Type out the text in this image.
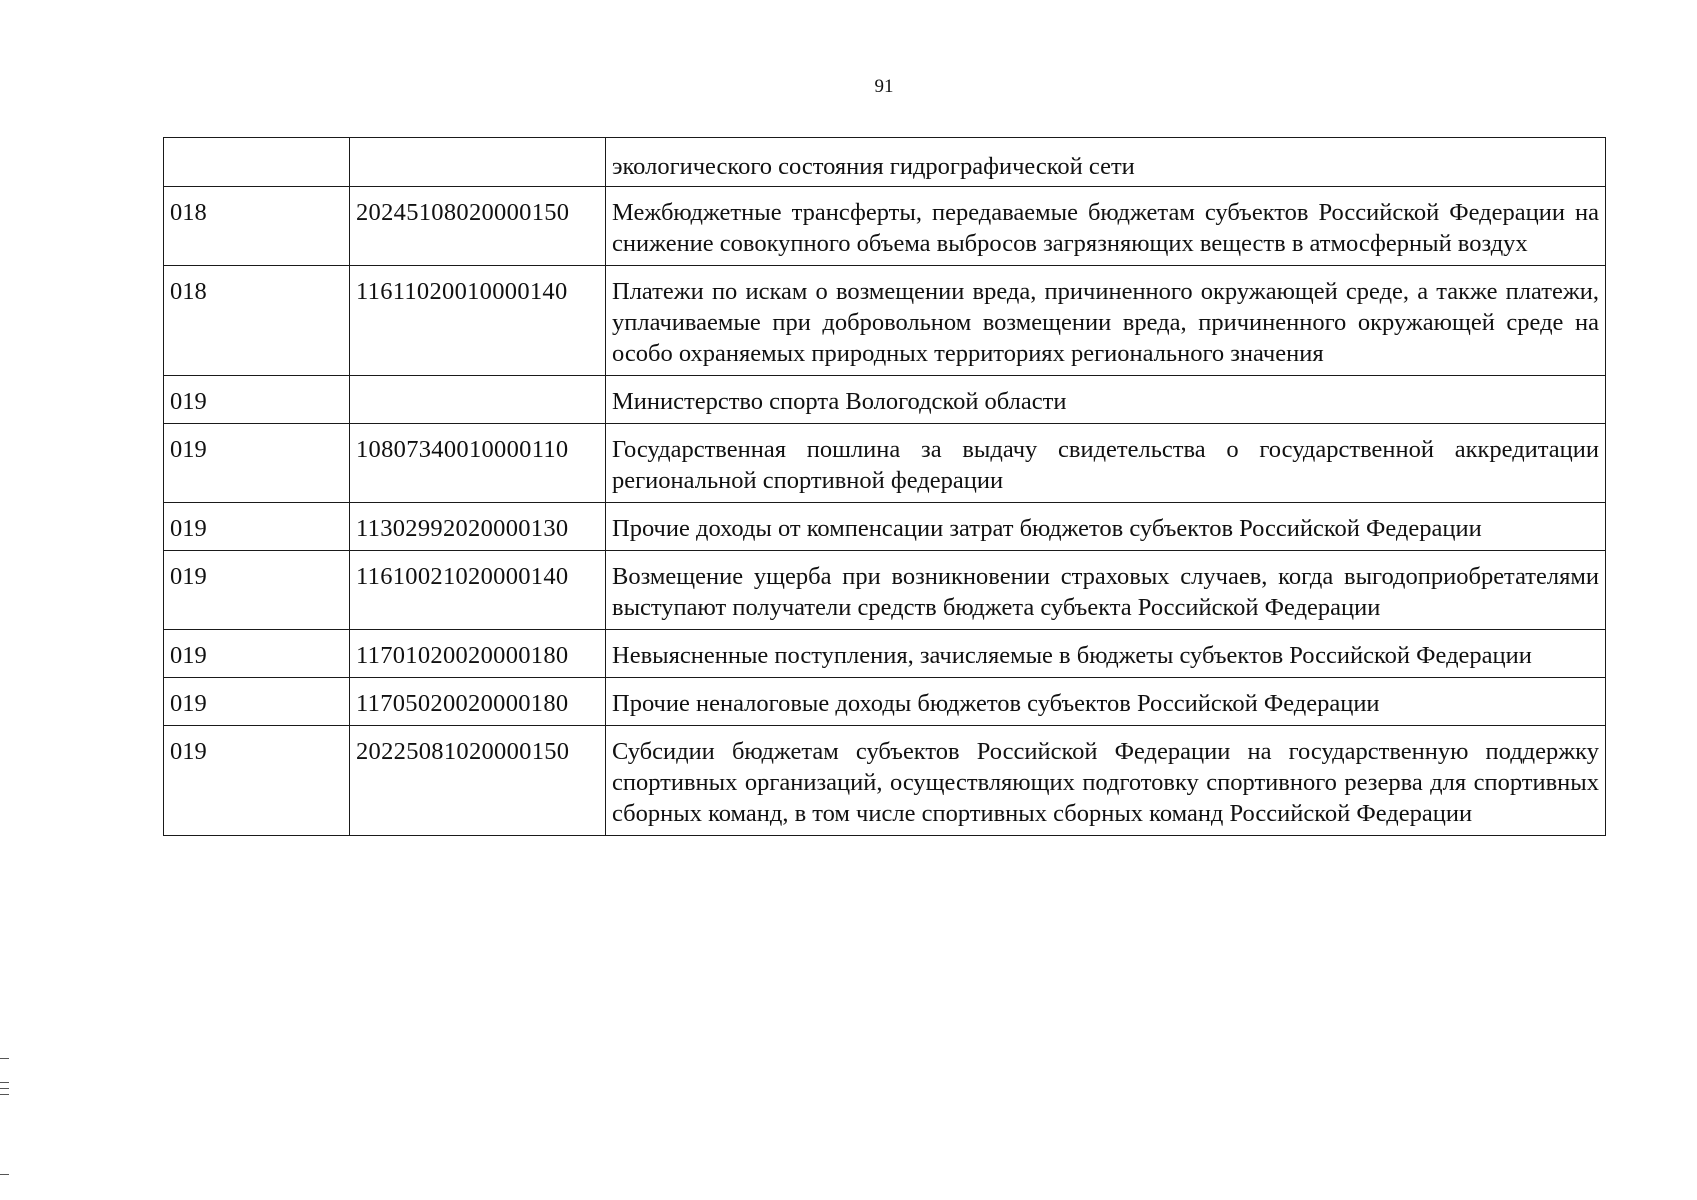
91
		экологического состояния гидрографической сети
018	20245108020000150	Межбюджетные трансферты, передаваемые бюджетам субъектов Российской Федерации на снижение совокупного объема выбросов загрязняющих веществ в атмосферный воздух
018	11611020010000140	Платежи по искам о возмещении вреда, причиненного окружающей среде, а также платежи, уплачиваемые при добровольном возмещении вреда, причиненного окружающей среде на особо охраняемых природных территориях регионального значения
019		Министерство спорта Вологодской области
019	10807340010000110	Государственная пошлина за выдачу свидетельства о государственной аккредитации региональной спортивной федерации
019	11302992020000130	Прочие доходы от компенсации затрат бюджетов субъектов Российской Федерации
019	11610021020000140	Возмещение ущерба при возникновении страховых случаев, когда выгодоприобретателями выступают получатели средств бюджета субъекта Российской Федерации
019	11701020020000180	Невыясненные поступления, зачисляемые в бюджеты субъектов Российской Федерации
019	11705020020000180	Прочие неналоговые доходы бюджетов субъектов Российской Федерации
019	20225081020000150	Субсидии бюджетам субъектов Российской Федерации на государственную поддержку спортивных организаций, осуществляющих подготовку спортивного резерва для спортивных сборных команд, в том числе спортивных сборных команд Российской Федерации
